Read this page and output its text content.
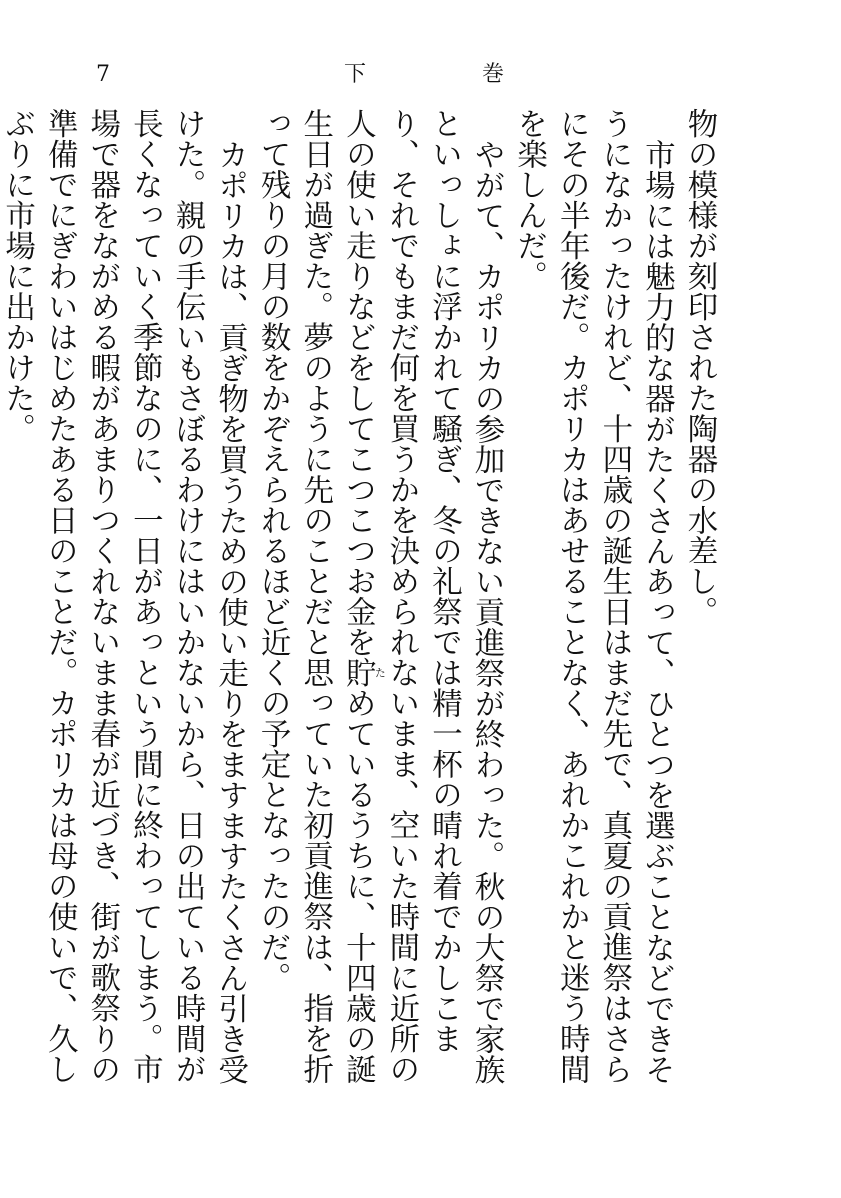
7	下	巻

物の模様が刻印された陶器の水差し。

市場には魅力的な器がたくさんあって、ひとつを選ぶことなどできそうになかったけれど、十四歳の誕生日はまだ先で、真夏の貢進祭はさらにその半年後だ。カポリカはあせることなく、あれかこれかと迷う時間を楽しんだ。

やがて、カポリカの参加できない貢進祭が終わった。秋の大祭で家族といっしょに浮かれて騒ぎ、冬の礼祭では精一杯の晴れ着でかしこまり、それでもまだ何を買うかを決められないまま、空いた時間に近所の人の使い走りなどをしてこつこつお金を貯ためているうちに、十四歳の誕生日が過ぎた。夢のように先のことだと思っていた初貢進祭は、指を折って残りの月の数をかぞえられるほど近くの予定となったのだ。

カポリカは、貢ぎ物を買うための使い走りをますますたくさん引き受けた。親の手伝いもさぼるわけにはいかないから、日の出ている時間が長くなっていく季節なのに、一日があっという間に終わってしまう。市場で器をながめる暇があまりつくれないまま春が近づき、街が歌祭りの準備でにぎわいはじめたある日のことだ。カポリカは母の使いで、久しぶりに市場に出かけた。
